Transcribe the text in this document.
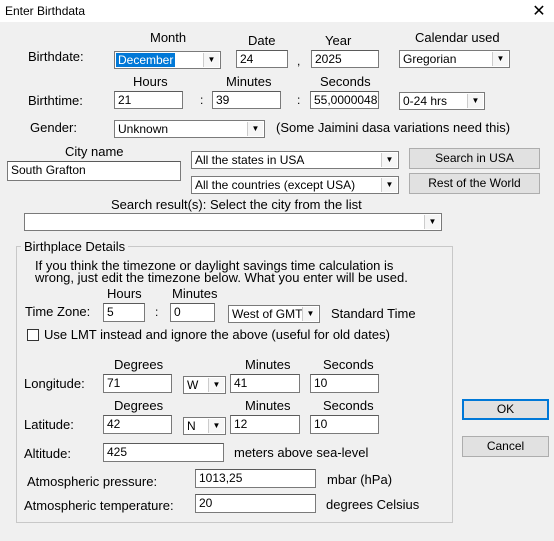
Enter Birthdata	✕
Month	Date	Year	Calendar used
Birthdate:	December	▼	24	,	2025	Gregorian	▼
Hours	Minutes	Seconds
Birthtime:	21	:	39	:	55,0000048	0-24 hrs	▼
Gender:	Unknown	▼ (Some Jaimini dasa variations need this)
City name
South Grafton
All the states in USA	▼
All the countries (except USA)	▼
Search in USA
Rest of the World
Search result(s): Select the city from the list
▼
Birthplace Details
If you think the timezone or daylight savings time calculation is
wrong, just edit the timezone below. What you enter will be used.
Hours Minutes
Time Zone:	5	:	0	West of GMT ▼ Standard Time
Use LMT instead and ignore the above (useful for old dates)
Degrees	Minutes Seconds
Longitude:	71	W	▼	41	10
Degrees	Minutes Seconds
Latitude:	42	N	▼	12	10
Altitude:	425	meters above sea-level
Atmospheric pressure:	1013,25	mbar (hPa)
Atmospheric temperature:	20	degrees Celsius
OK
Cancel
